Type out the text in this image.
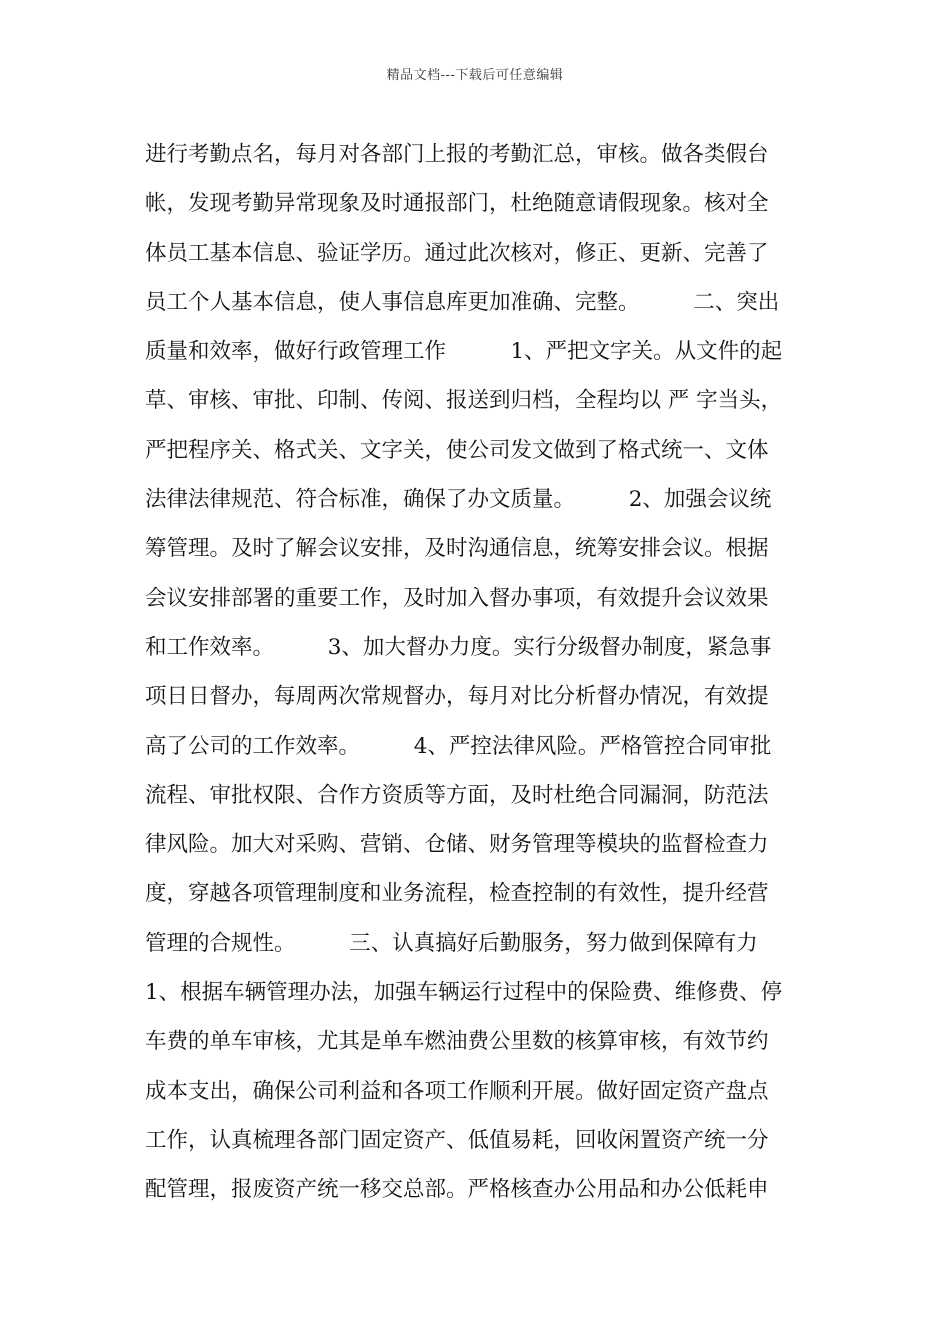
精品文档---下载后可任意编辑
进行考勤点名，每月对各部门上报的考勤汇总，审核。做各类假台
帐，发现考勤异常现象及时通报部门，杜绝随意请假现象。核对全
体员工基本信息、验证学历。通过此次核对，修正、更新、完善了
员工个人基本信息，使人事信息库更加准确、完整。　　　二、突出
质量和效率，做好行政管理工作　　　1、严把文字关。从文件的起
草、审核、审批、印制、传阅、报送到归档，全程均以 严 字当头，
严把程序关、格式关、文字关，使公司发文做到了格式统一、文体
法律法律规范、符合标准，确保了办文质量。　　　2、加强会议统
筹管理。及时了解会议安排，及时沟通信息，统筹安排会议。根据
会议安排部署的重要工作，及时加入督办事项，有效提升会议效果
和工作效率。　　　3、加大督办力度。实行分级督办制度，紧急事
项日日督办，每周两次常规督办，每月对比分析督办情况，有效提
高了公司的工作效率。　　　4、严控法律风险。严格管控合同审批
流程、审批权限、合作方资质等方面，及时杜绝合同漏洞，防范法
律风险。加大对采购、营销、仓储、财务管理等模块的监督检查力
度，穿越各项管理制度和业务流程，检查控制的有效性，提升经营
管理的合规性。　　　三、认真搞好后勤服务，努力做到保障有力
1、根据车辆管理办法，加强车辆运行过程中的保险费、维修费、停
车费的单车审核，尤其是单车燃油费公里数的核算审核，有效节约
成本支出，确保公司利益和各项工作顺利开展。做好固定资产盘点
工作，认真梳理各部门固定资产、低值易耗，回收闲置资产统一分
配管理，报废资产统一移交总部。严格核查办公用品和办公低耗申
